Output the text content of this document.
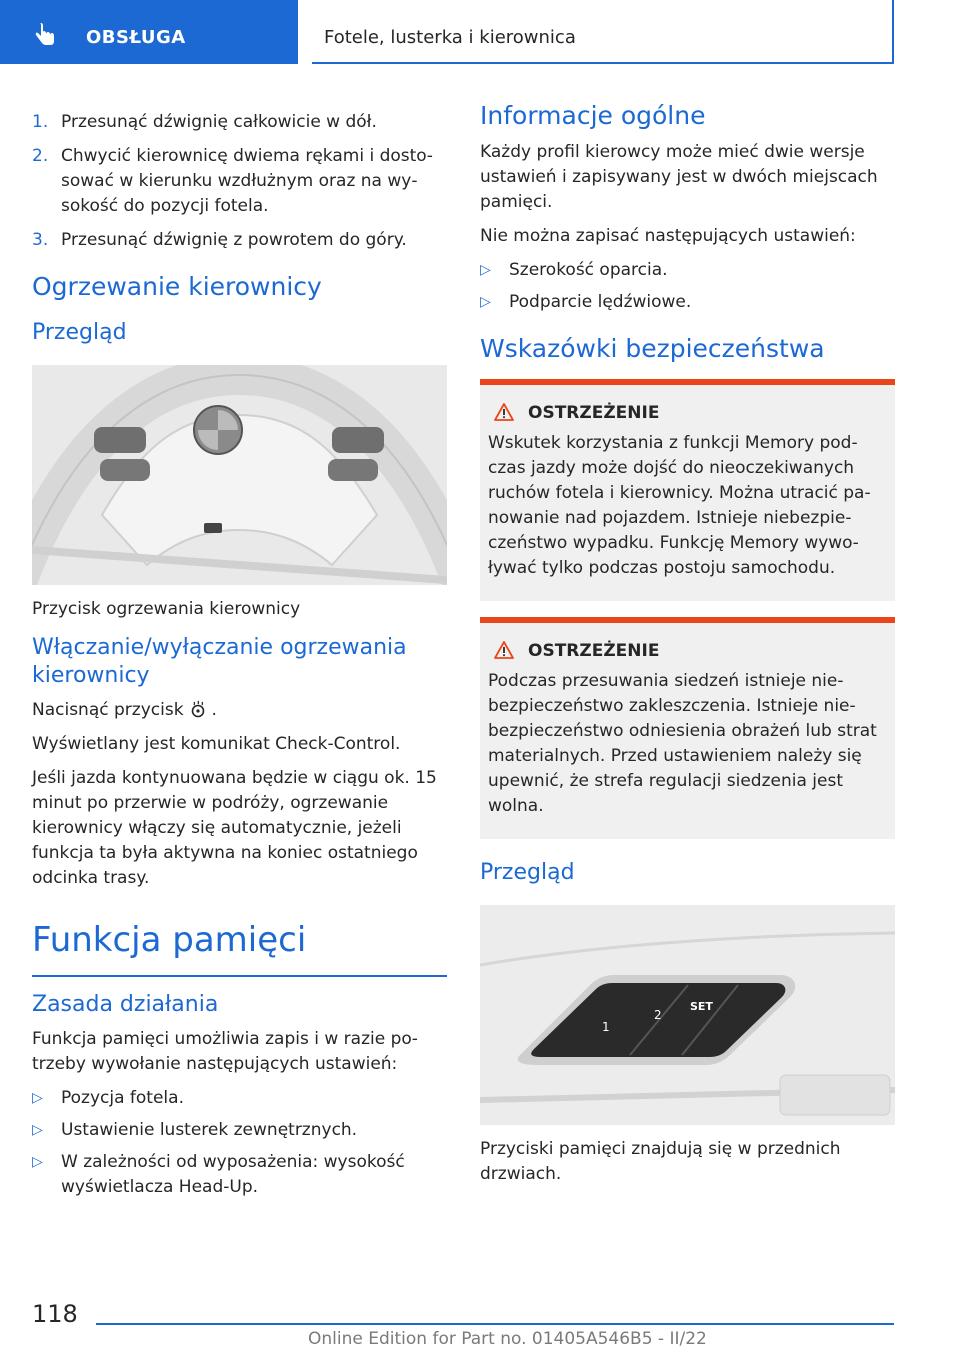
OBSŁUGA	Fotele, lusterka i kierownica
1. Przesunąć dźwignię całkowicie w dół.
2. Chwycić kierownicę dwiema rękami i dostosować w kierunku wzdłużnym oraz na wysokość do pozycji fotela.
3. Przesunąć dźwignię z powrotem do góry.
Ogrzewanie kierownicy
Przegląd
Przycisk ogrzewania kierownicy
Włączanie/wyłączanie ogrzewania kierownicy

Nacisnąć przycisk .

Wyświetlany jest komunikat Check-Control.

Jeśli jazda kontynuowana będzie w ciągu ok. 15 minut po przerwie w podróży, ogrzewanie kierownicy włączy się automatycznie, jeżeli funkcja ta była aktywna na koniec ostatniego odcinka trasy.

Funkcja pamięci
Zasada działania

Funkcja pamięci umożliwia zapis i w razie potrzeby wywołanie następujących ustawień:

▷ Pozycja fotela.
▷ Ustawienie lusterek zewnętrznych.
▷ W zależności od wyposażenia: wysokość wyświetlacza Head-Up.
Informacje ogólne

Każdy profil kierowcy może mieć dwie wersje ustawień i zapisywany jest w dwóch miejscach pamięci.

Nie można zapisać następujących ustawień:

▷ Szerokość oparcia.
▷ Podparcie lędźwiowe.
Wskazówki bezpieczeństwa
OSTRZEŻENIE
Wskutek korzystania z funkcji Memory podczas jazdy może dojść do nieoczekiwanych ruchów fotela i kierownicy. Można utracić panowanie nad pojazdem. Istnieje niebezpieczeństwo wypadku. Funkcję Memory wywoływać tylko podczas postoju samochodu.
OSTRZEŻENIE
Podczas przesuwania siedzeń istnieje niebezpieczeństwo zakleszczenia. Istnieje niebezpieczeństwo odniesienia obrażeń lub strat materialnych. Przed ustawieniem należy się upewnić, że strefa regulacji siedzenia jest wolna.
Przegląd
1
2
SET
Przyciski pamięci znajdują się w przednich drzwiach.
118
Online Edition for Part no. 01405A546B5 - II/22
